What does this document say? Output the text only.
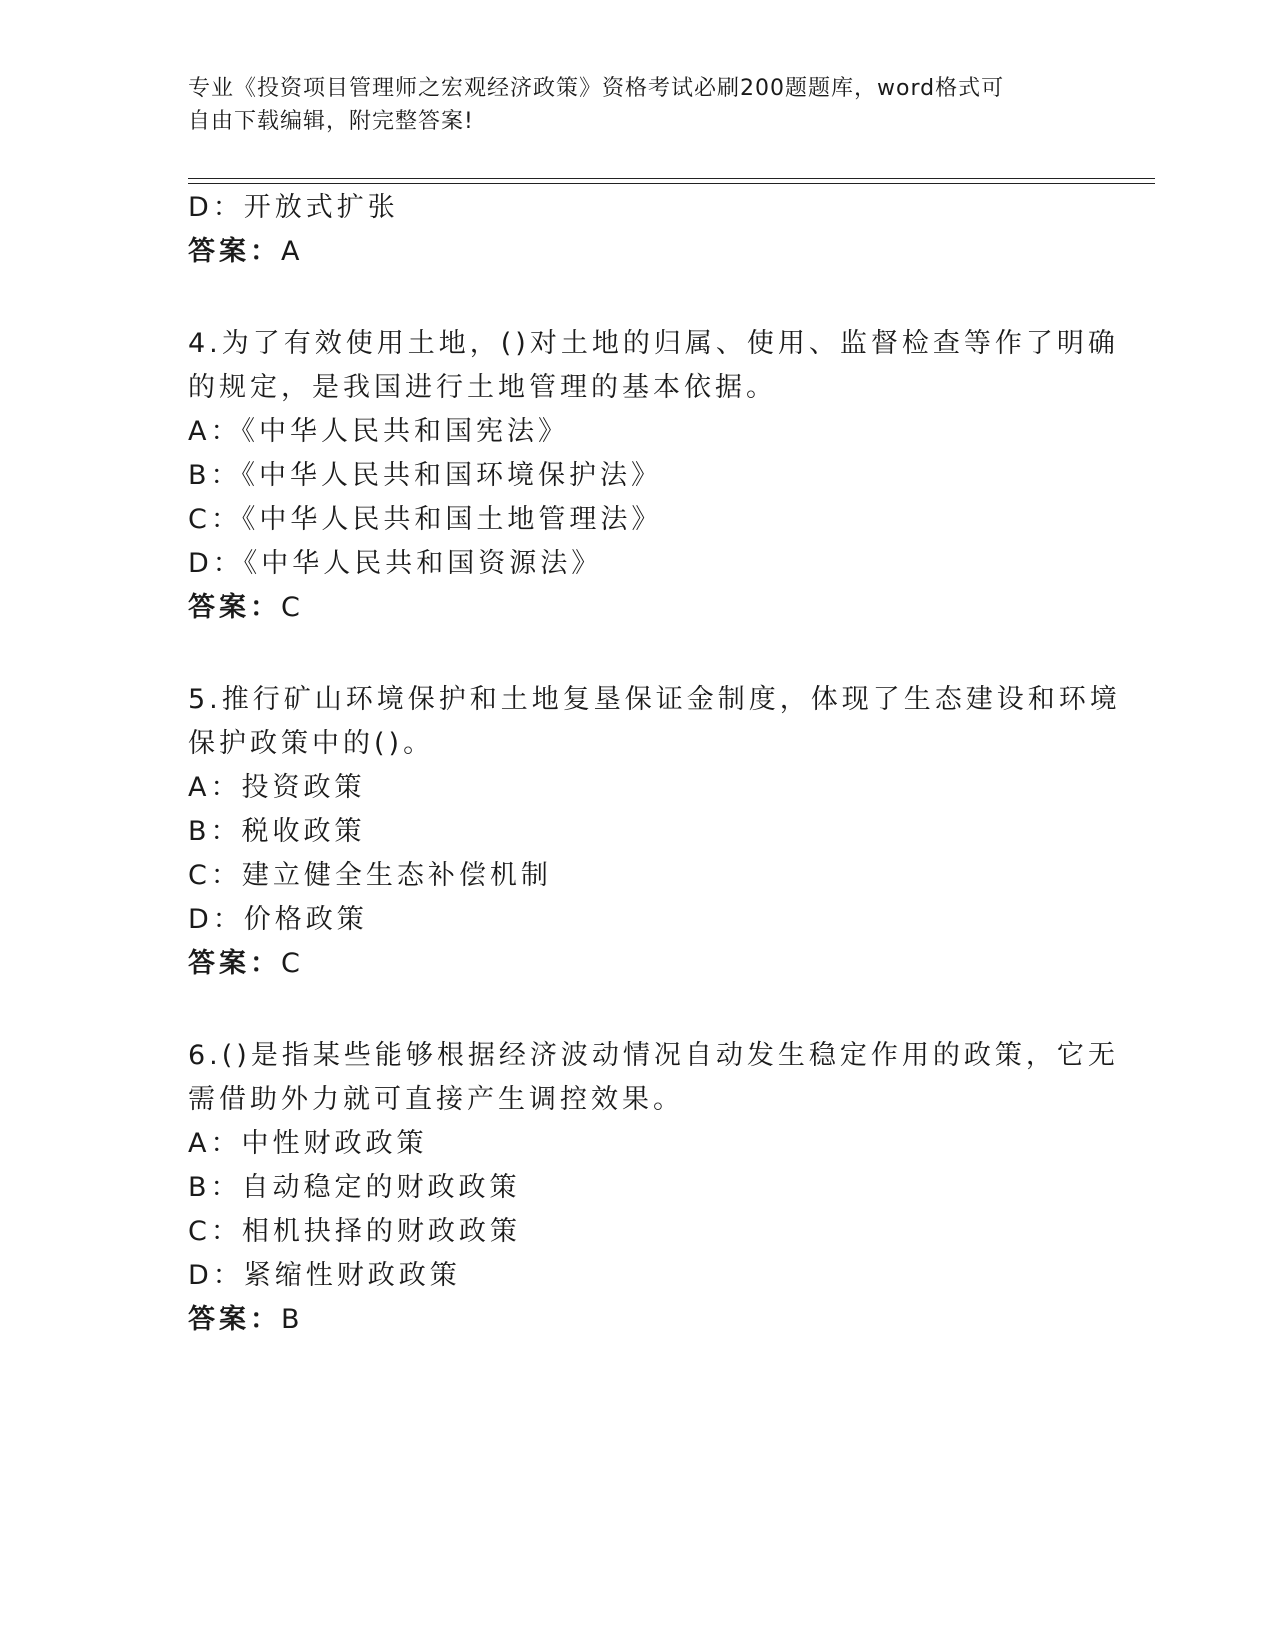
专业《投资项目管理师之宏观经济政策》资格考试必刷200题题库，word格式可
自由下载编辑，附完整答案!
D：开放式扩张
答案：A
4.为了有效使用土地，()对土地的归属、使用、监督检查等作了明确
的规定，是我国进行土地管理的基本依据。
A：《中华人民共和国宪法》
B：《中华人民共和国环境保护法》
C：《中华人民共和国土地管理法》
D：《中华人民共和国资源法》
答案：C
5.推行矿山环境保护和土地复垦保证金制度，体现了生态建设和环境
保护政策中的()。
A：投资政策
B：税收政策
C：建立健全生态补偿机制
D：价格政策
答案：C
6.()是指某些能够根据经济波动情况自动发生稳定作用的政策，它无
需借助外力就可直接产生调控效果。
A：中性财政政策
B：自动稳定的财政政策
C：相机抉择的财政政策
D：紧缩性财政政策
答案：B
